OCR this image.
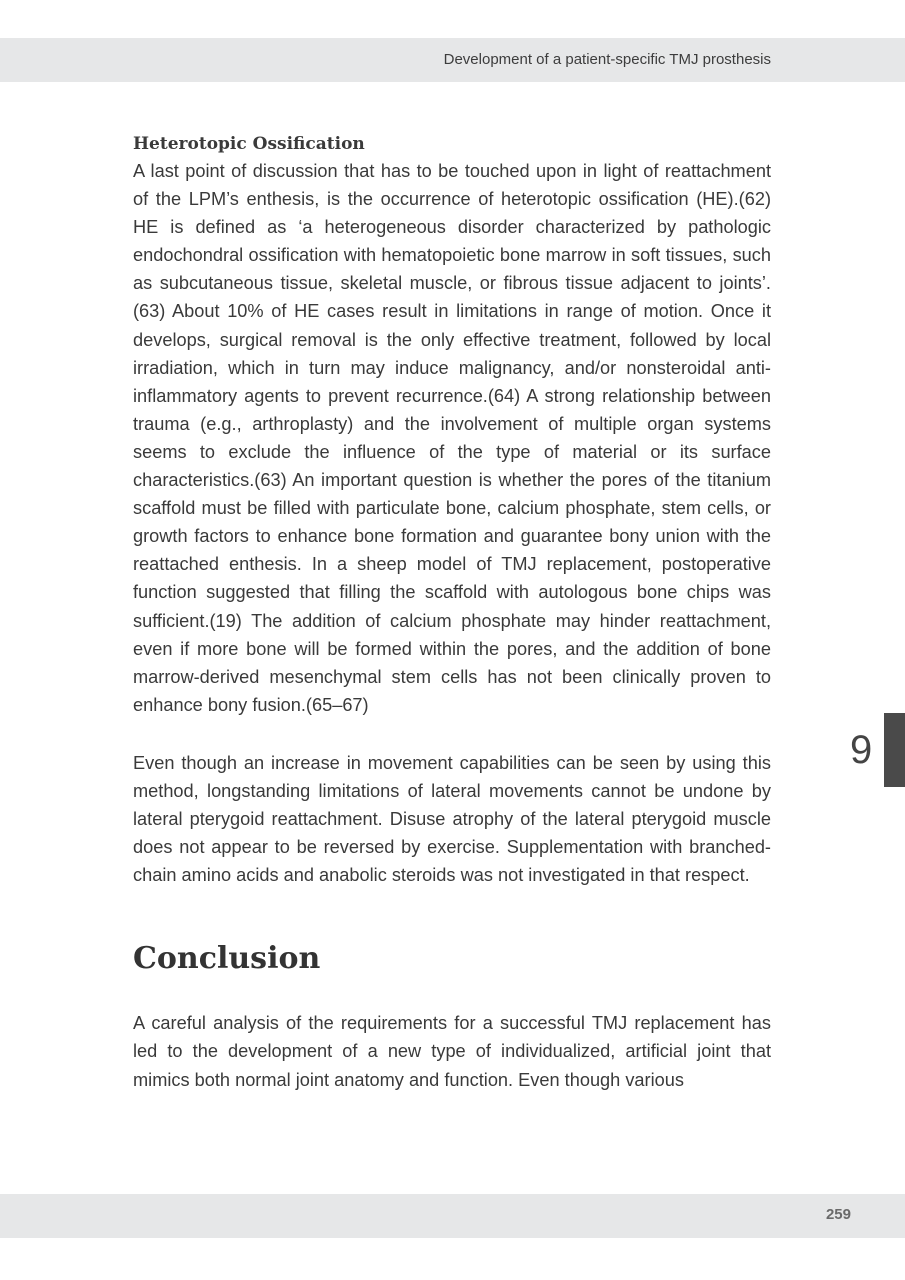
Development of a patient-specific TMJ prosthesis
Heterotopic Ossification

A last point of discussion that has to be touched upon in light of reattachment of the LPM’s enthesis, is the occurrence of heterotopic ossification (HE).(62) HE is defined as ‘a heterogeneous disorder characterized by pathologic endochondral ossification with hematopoietic bone marrow in soft tissues, such as subcutaneous tissue, skeletal muscle, or fibrous tissue adjacent to joints’.(63) About 10% of HE cases result in limitations in range of motion. Once it develops, surgical removal is the only effective treatment, followed by local irradiation, which in turn may induce malignancy, and/or nonsteroidal anti-inflammatory agents to prevent recurrence.(64) A strong relationship between trauma (e.g., arthroplasty) and the involvement of multiple organ systems seems to exclude the influence of the type of material or its surface characteristics.(63) An important question is whether the pores of the titanium scaffold must be filled with particulate bone, calcium phosphate, stem cells, or growth factors to enhance bone formation and guarantee bony union with the reattached enthesis. In a sheep model of TMJ replacement, postoperative function suggested that filling the scaffold with autologous bone chips was sufficient.(19) The addition of calcium phosphate may hinder reattachment, even if more bone will be formed within the pores, and the addition of bone marrow-derived mesenchymal stem cells has not been clinically proven to enhance bony fusion.(65–67)

Even though an increase in movement capabilities can be seen by using this method, longstanding limitations of lateral movements cannot be undone by lateral pterygoid reattachment. Disuse atrophy of the lateral pterygoid muscle does not appear to be reversed by exercise. Supplementation with branched-chain amino acids and anabolic steroids was not investigated in that respect.

Conclusion

A careful analysis of the requirements for a successful TMJ replacement has led to the development of a new type of individualized, artificial joint that mimics both normal joint anatomy and function. Even though various

9
259
